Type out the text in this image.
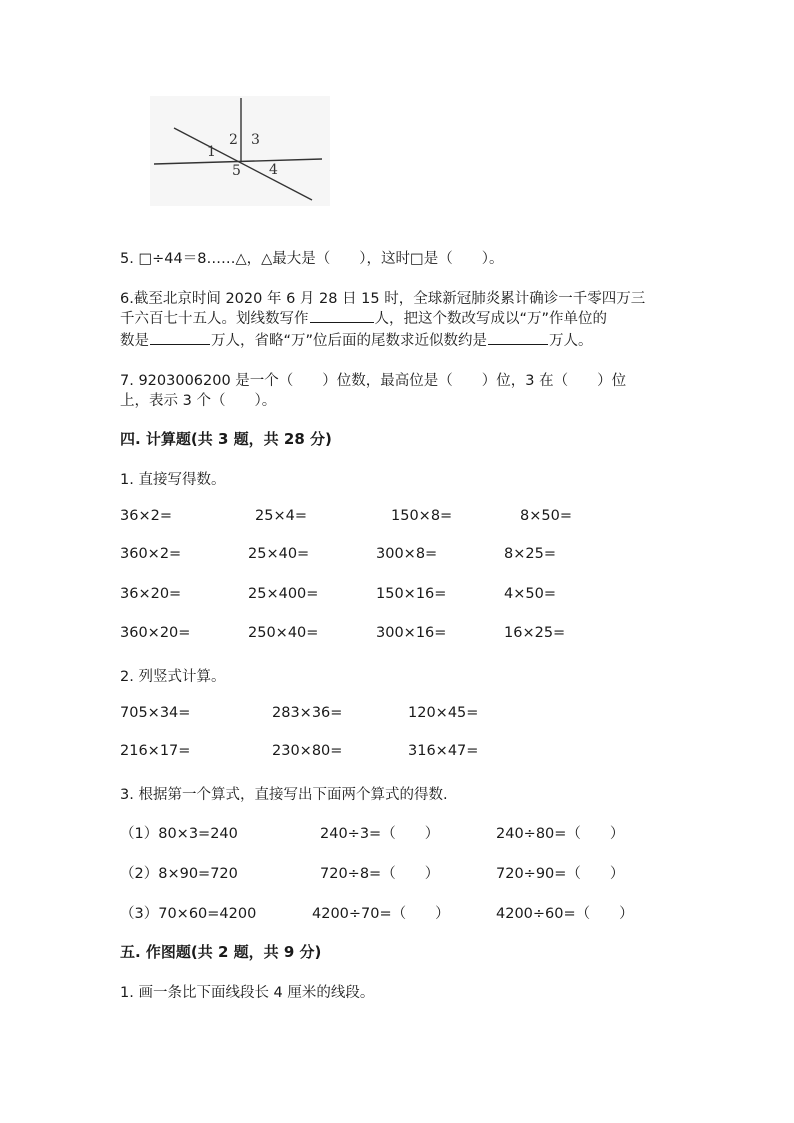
1
2 3
4
5
5. □÷44＝8……△，△最大是（　　），这时□是（　　）。
6.截至北京时间 2020 年 6 月 28 日 15 时，全球新冠肺炎累计确诊一千零四万三
千六百七十五人。划线数写作	人，把这个数改写成以“万”作单位的
数是	万人，省略“万”位后面的尾数求近似数约是	万人。
7. 9203006200 是一个（　　）位数，最高位是（　　）位，3 在（　　）位
上，表示 3 个（　　）。
四. 计算题(共 3 题，共 28 分)
1. 直接写得数。
36×2=	25×4=	150×8=	8×50=
360×2=	25×40=	300×8=	8×25=
36×20=	25×400=	150×16=	4×50=
360×20=	250×40=	300×16=	16×25=
2. 列竖式计算。
705×34=	283×36=	120×45=
216×17=	230×80=	316×47=
3. 根据第一个算式，直接写出下面两个算式的得数.
（1）80×3=240	240÷3=（　　）	240÷80=（　　）
（2）8×90=720	720÷8=（　　）	720÷90=（　　）
（3）70×60=4200	4200÷70=（　　）	4200÷60=（　　）
五. 作图题(共 2 题，共 9 分)
1. 画一条比下面线段长 4 厘米的线段。
